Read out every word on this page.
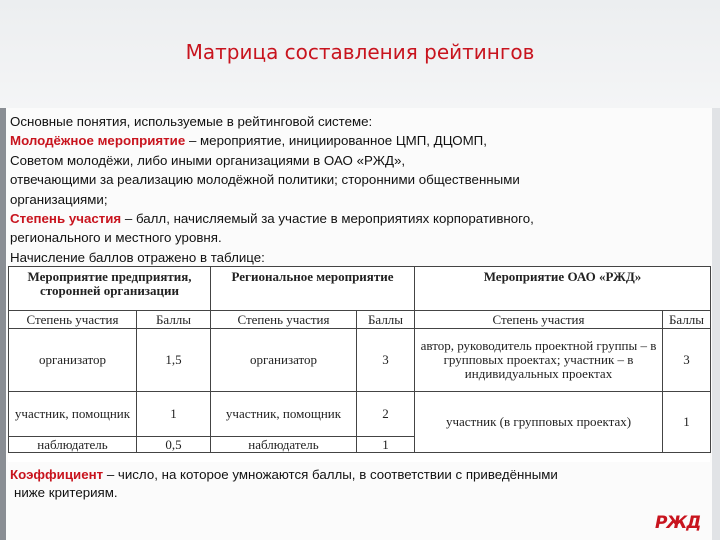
Матрица составления рейтингов

Основные понятия, используемые в рейтинговой системе:

Молодёжное мероприятие – мероприятие, инициированное ЦМП, ДЦОМП,

Советом молодёжи, либо иными организациями в ОАО «РЖД»,

отвечающими за реализацию молодёжной политики; сторонними общественными

организациями;

Степень участия – балл, начисляемый за участие в мероприятиях корпоративного,

регионального и местного уровня.

Начисление баллов отражено в таблице:

Мероприятие предприятия, сторонней организации		Региональное мероприятие		Мероприятие ОАО «РЖД»	
Степень участия	Баллы	Степень участия	Баллы	Степень участия	Баллы
организатор	1,5	организатор	3	автор, руководитель проектной группы – в групповых проектах; участник – в индивидуальных проектах	3
участник, помощник	1	участник, помощник	2	участник (в групповых проектах)	1
наблюдатель	0,5	наблюдатель	1		

Коэффициент – число, на которое умножаются баллы, в соответствии с приведёнными

ниже критериям.

РЖД
